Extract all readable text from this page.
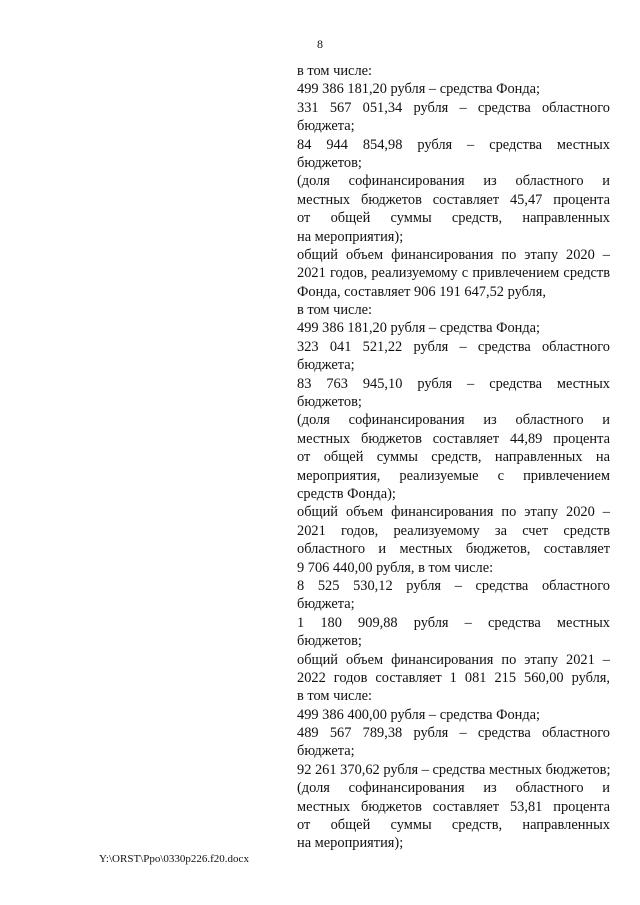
8
в том числе:
499 386 181,20 рубля – средства Фонда;
331 567 051,34 рубля – средства областного
бюджета;
84 944 854,98 рубля – средства местных
бюджетов;
(доля софинансирования из областного и
местных бюджетов составляет 45,47 процента
от общей суммы средств, направленных
на мероприятия);
общий объем финансирования по этапу 2020 –
2021 годов, реализуемому с привлечением средств
Фонда, составляет 906 191 647,52 рубля,
в том числе:
499 386 181,20 рубля – средства Фонда;
323 041 521,22 рубля – средства областного
бюджета;
83 763 945,10 рубля – средства местных
бюджетов;
(доля софинансирования из областного и
местных бюджетов составляет 44,89 процента
от общей суммы средств, направленных на
мероприятия, реализуемые с привлечением
средств Фонда);
общий объем финансирования по этапу 2020 –
2021 годов, реализуемому за счет средств
областного и местных бюджетов, составляет
9 706 440,00 рубля, в том числе:
8 525 530,12 рубля – средства областного
бюджета;
1 180 909,88 рубля – средства местных
бюджетов;
общий объем финансирования по этапу 2021 –
2022 годов составляет 1 081 215 560,00 рубля,
в том числе:
499 386 400,00 рубля – средства Фонда;
489 567 789,38 рубля – средства областного
бюджета;
92 261 370,62 рубля – средства местных бюджетов;
(доля софинансирования из областного и
местных бюджетов составляет 53,81 процента
от общей суммы средств, направленных
на мероприятия);
Y:\ORST\Ppo\0330p226.f20.docx
